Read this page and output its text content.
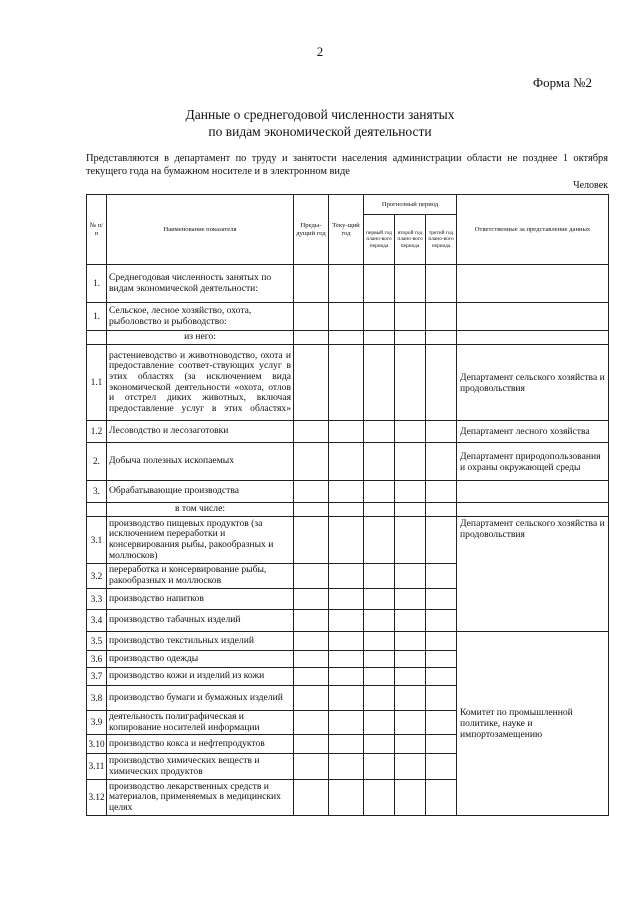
2
Форма №2
Данные о среднегодовой численности занятых
по видам экономической деятельности
Представляются в департамент по труду и занятости населения администрации области не позднее 1 октября текущего года на бумажном носителе и в электронном виде
Человек
№ п/п	Наименование показателя	Преды-дущий год	Теку-щий год	Прогнозный период			Ответственные за представление данных
				первый год плано-вого периода	второй год плано-вого периода	третий год плано-вого периода	
1.	Среднегодовая численность занятых по видам экономической деятельности:						
1.	Сельское, лесное хозяйство, охота, рыболовство и рыбоводство:						
	из него:						
1.1	растениеводство и животноводство, охота и предоставление соответ-ствующих услуг в этих областях (за исключением вида экономической деятельности «охота, отлов и отстрел диких животных, включая предоставление услуг в этих областях»						Департамент сельского хозяйства и продовольствия
1.2	Лесоводство и лесозаготовки						Департамент лесного хозяйства
2.	Добыча полезных ископаемых						Департамент природопользования и охраны окружающей среды
3.	Обрабатывающие производства						
	в том числе:						
3.1	производство пищевых продуктов (за исключением переработки и консервирования рыбы, ракообразных и моллюсков)						Департамент сельского хозяйства и продовольствия
3.2	переработка и консервирование рыбы, ракообразных и моллюсков						
3.3	производство напитков						
3.4	производство табачных изделий						
3.5	производство текстильных изделий						Комитет по промышленной политике, науке и импортозамещению
3.6	производство одежды						
3.7	производство кожи и изделий из кожи						
3.8	производство бумаги и бумажных изделий						
3.9	деятельность полиграфическая и копирование носителей информации						
3.10	производство кокса и нефтепродуктов						
3.11	производство химических веществ и химических продуктов						
3.12	производство лекарственных средств и материалов, применяемых в медицинских целях						
